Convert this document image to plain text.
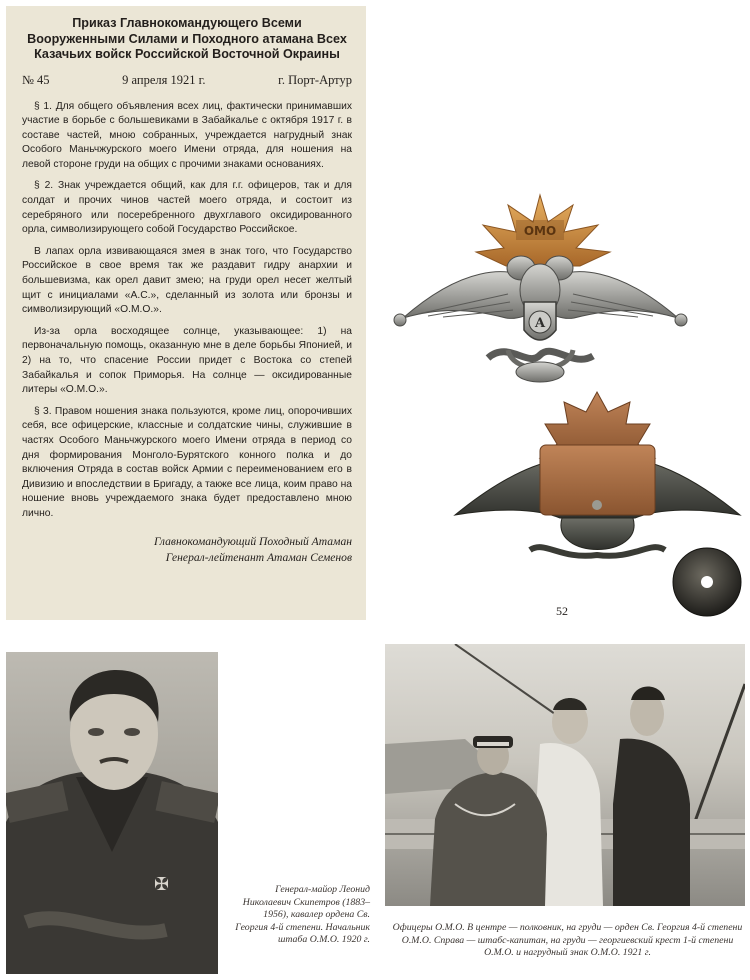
Приказ Главнокомандующего Всеми Вооруженными Силами и Походного атамана Всех Казачьих войск Российской Восточной Окраины
№ 45	9 апреля 1921 г.	г. Порт-Артур

§ 1. Для общего объявления всех лиц, фактически принимавших участие в борьбе с большевиками в Забайкалье с октября 1917 г. в составе частей, мною собранных, учреждается нагрудный знак Особого Маньчжурского моего Имени отряда, для ношения на левой стороне груди на общих с прочими знаками основаниях.

§ 2. Знак учреждается общий, как для г.г. офицеров, так и для солдат и прочих чинов частей моего отряда, и состоит из серебряного или посеребренного двухглавого оксидированного орла, символизирующего собой Государство Российское.

В лапах орла извивающаяся змея в знак того, что Государство Российское в свое время так же раздавит гидру анархии и большевизма, как орел давит змею; на груди орел несет желтый щит с инициалами «А.С.», сделанный из золота или бронзы и символизирующий «О.М.О.».

Из-за орла восходящее солнце, указывающее: 1) на первоначальную помощь, оказанную мне в деле борьбы Японией, и 2) на то, что спасение России придет с Востока со степей Забайкалья и сопок Приморья. На солнце — оксидированные литеры «О.М.О.».

§ 3. Правом ношения знака пользуются, кроме лиц, опорочивших себя, все офицерские, классные и солдатские чины, служившие в частях Особого Маньчжурского моего Имени отряда в период со дня формирования Монголо-Бурятского конного полка и до включения Отряда в состав войск Армии с переименованием его в Дивизию и впоследствии в Бригаду, а также все лица, коим право на ношение вновь учреждаемого знака будет предоставлено мною лично.

Главнокомандующий Походный Атаман
Генерал-лейтенант Атаман Семенов
ОМО
А
52
✠	Генерал-майор Леонид Николаевич Скипетров (1883–1956), кавалер ордена Св. Георгия 4-й степени. Начальник штаба О.М.О. 1920 г.
Офицеры О.М.О. В центре — полковник, на груди — орден Св. Георгия 4-й степени О.М.О. Справа — штабс-капитан, на груди — георгиевский крест 1-й степени О.М.О. и нагрудный знак О.М.О. 1921 г.
